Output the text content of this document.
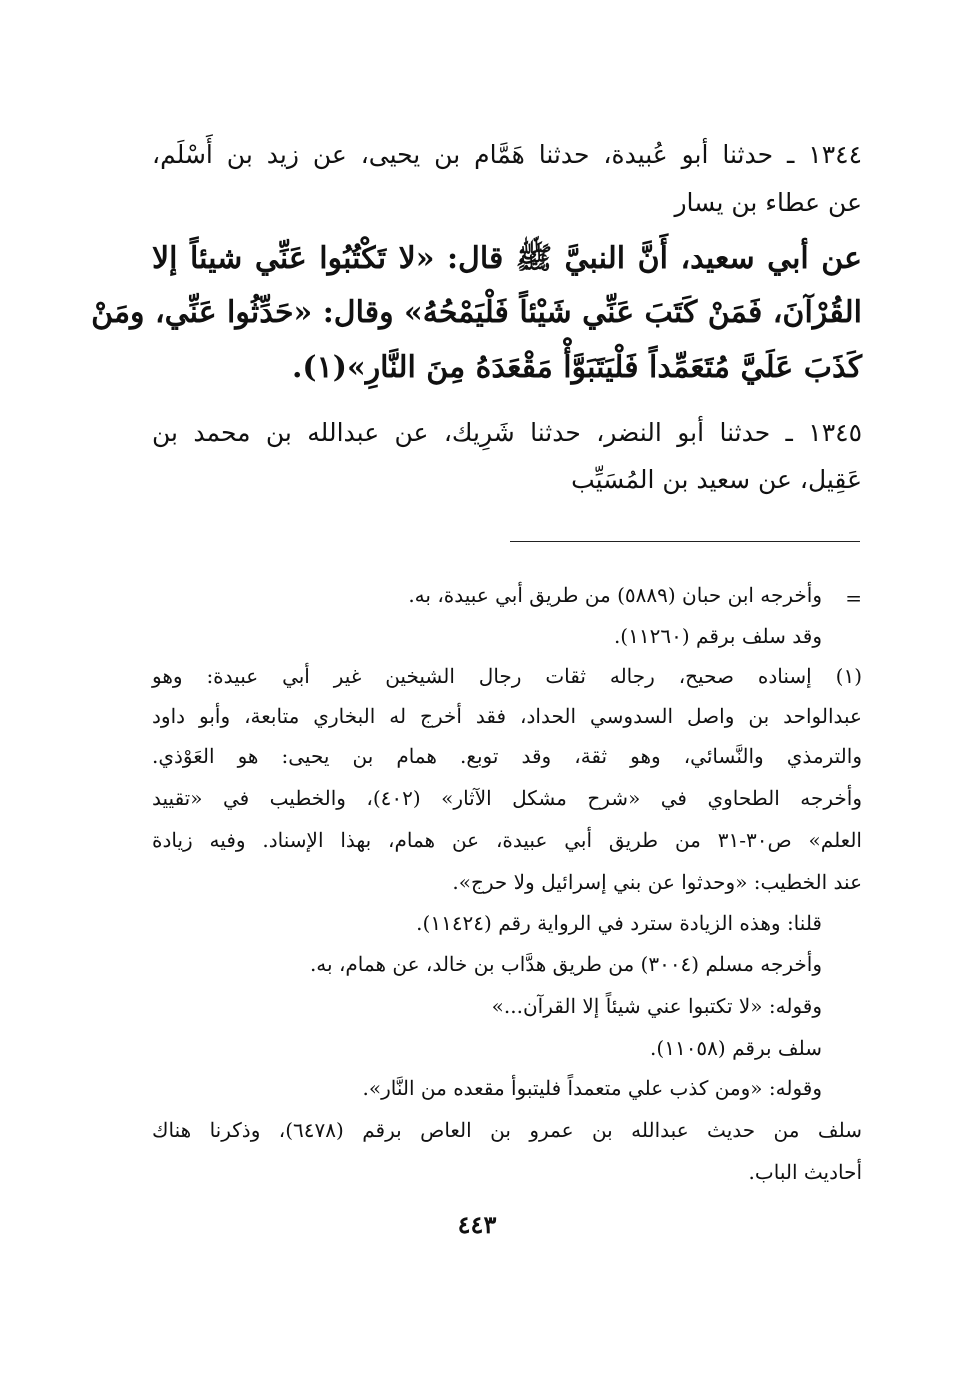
١٣٤٤ ـ حدثنا أبو عُبيدة، حدثنا هَمَّام بن يحيى، عن زيد بن أَسْلَم،
عن عطاء بن يسار
عن أبي سعيد، أَنَّ النبيَّ ﷺ قال: «لا تَكْتُبُوا عَنِّي شيئاً إلا
القُرْآنَ، فَمَنْ كَتَبَ عَنِّي شَيْئاً فَلْيَمْحُهُ» وقال: «حَدِّثُوا عَنِّي، ومَنْ
كَذَبَ عَلَيَّ مُتَعَمِّداً فَلْيَتَبَوَّأْ مَقْعَدَهُ مِنَ النَّارِ»(١).
١٣٤٥ ـ حدثنا أبو النضر، حدثنا شَرِيك، عن عبدالله بن محمد بن
عَقِيل، عن سعيد بن المُسَيِّب
=
وأخرجه ابن حبان (٥٨٨٩) من طريق أبي عبيدة، به.
وقد سلف برقم (١١٢٦٠).
(١) إسناده صحيح، رجاله ثقات رجال الشيخين غير أبي عبيدة: وهو
عبدالواحد بن واصل السدوسي الحداد، فقد أخرج له البخاري متابعة، وأبو داود
والترمذي والنَّسائي، وهو ثقة، وقد توبع. همام بن يحيى: هو العَوْذي.
وأخرجه الطحاوي في «شرح مشكل الآثار» (٤٠٢)، والخطيب في «تقييد
العلم» ص٣٠-٣١ من طريق أبي عبيدة، عن همام، بهذا الإسناد. وفيه زيادة
عند الخطيب: «وحدثوا عن بني إسرائيل ولا حرج».
قلنا: وهذه الزيادة سترد في الرواية رقم (١١٤٢٤).
وأخرجه مسلم (٣٠٠٤) من طريق هدَّاب بن خالد، عن همام، به.
وقوله: «لا تكتبوا عني شيئاً إلا القرآن...»
سلف برقم (١١٠٥٨).
وقوله: «ومن كذب علي متعمداً فليتبوأ مقعده من النَّار».
سلف من حديث عبدالله بن عمرو بن العاص برقم (٦٤٧٨)، وذكرنا هناك
أحاديث الباب.
٤٤٣
